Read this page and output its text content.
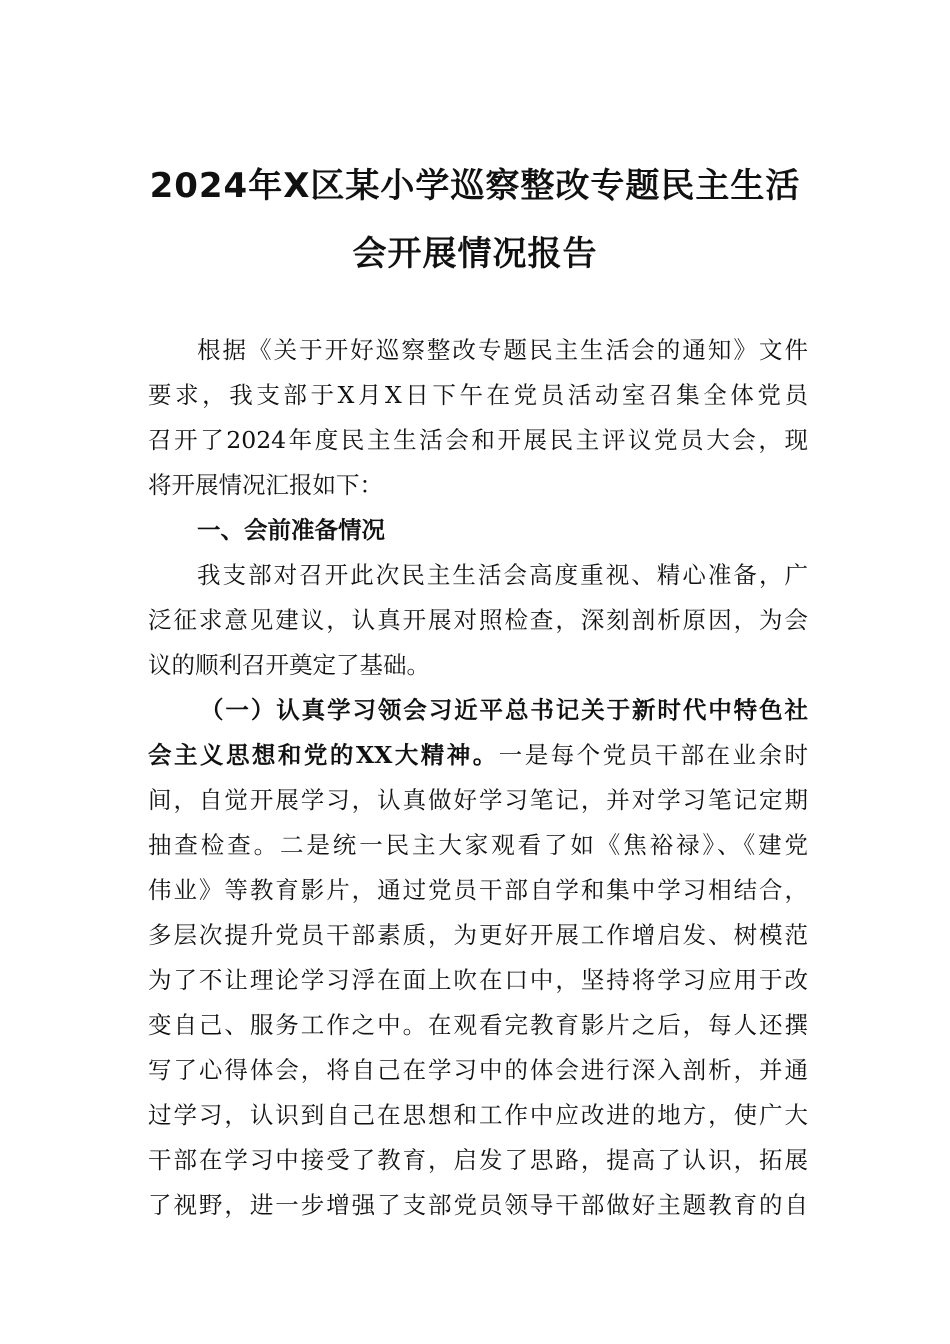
2024年X区某小学巡察整改专题民主生活
会开展情况报告
根据《关于开好巡察整改专题民主生活会的通知》文件
要求，我支部于X月X日下午在党员活动室召集全体党员
召开了2024年度民主生活会和开展民主评议党员大会，现
将开展情况汇报如下：
一、会前准备情况
我支部对召开此次民主生活会高度重视、精心准备，广
泛征求意见建议，认真开展对照检查，深刻剖析原因，为会
议的顺利召开奠定了基础。
（一）认真学习领会习近平总书记关于新时代中特色社
会主义思想和党的XX大精神。一是每个党员干部在业余时
间，自觉开展学习，认真做好学习笔记，并对学习笔记定期
抽查检查。二是统一民主大家观看了如《焦裕禄》、《建党
伟业》等教育影片，通过党员干部自学和集中学习相结合，
多层次提升党员干部素质，为更好开展工作增启发、树模范
为了不让理论学习浮在面上吹在口中，坚持将学习应用于改
变自己、服务工作之中。在观看完教育影片之后，每人还撰
写了心得体会，将自己在学习中的体会进行深入剖析，并通
过学习，认识到自己在思想和工作中应改进的地方，使广大
干部在学习中接受了教育，启发了思路，提高了认识，拓展
了视野，进一步增强了支部党员领导干部做好主题教育的自
